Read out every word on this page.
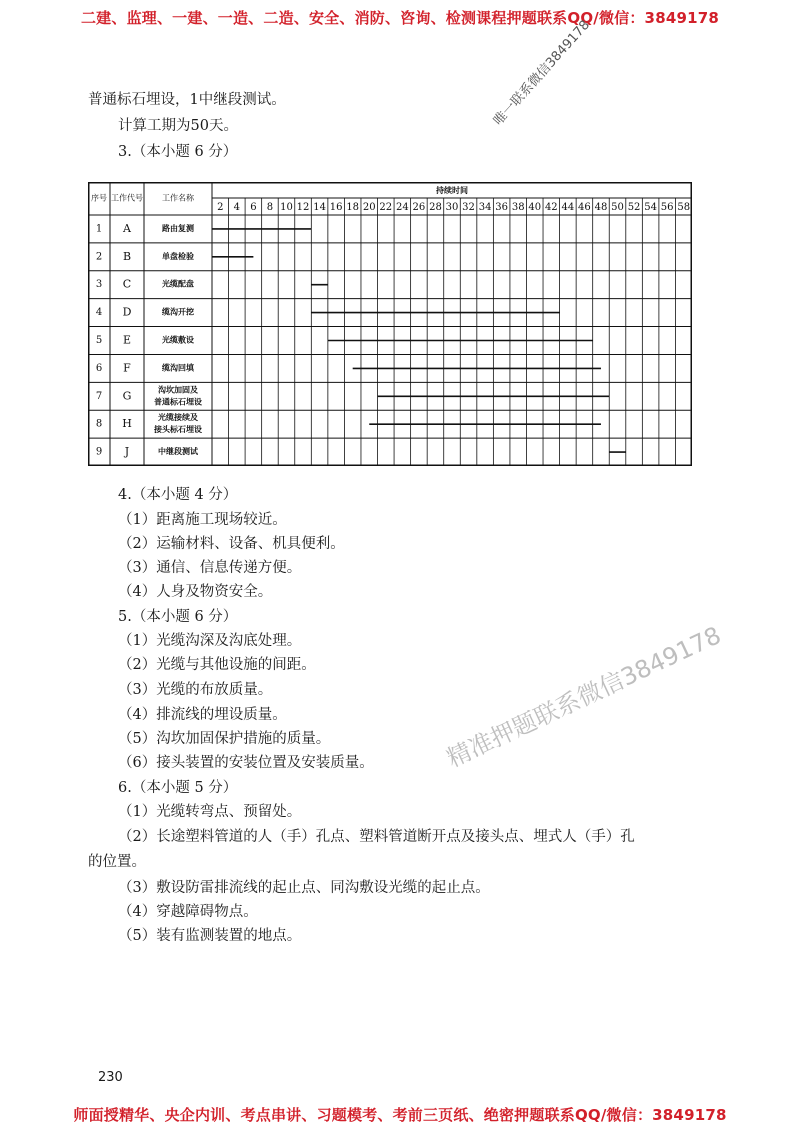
二建、监理、一建、一造、二造、安全、消防、咨询、检测课程押题联系QQ/微信：3849178
普通标石埋设，1中继段测试。
计算工期为50天。
3.（本小题 6 分）
唯一联系微信3849178
序号 工作代号 工作名称
持续时间
2 4 6 8 10 12 14 16 18 20 22 24 26 28 30 32 34 36 38 40 42 44 46 48 50 52 54 56 58
1 A	路由复测
2 B	单盘检验
3 C	光缆配盘
4 D	缆沟开挖
5 E	光缆敷设
6 F	缆沟回填
7 G	沟坎加固及
普通标石埋设
8 H	光缆接续及
接头标石埋设
9 J	中继段测试
4.（本小题 4 分）
（1）距离施工现场较近。
（2）运输材料、设备、机具便利。
（3）通信、信息传递方便。
（4）人身及物资安全。
5.（本小题 6 分）
（1）光缆沟深及沟底处理。
（2）光缆与其他设施的间距。
（3）光缆的布放质量。
（4）排流线的埋设质量。
（5）沟坎加固保护措施的质量。
（6）接头装置的安装位置及安装质量。
6.（本小题 5 分）
（1）光缆转弯点、预留处。
（2）长途塑料管道的人（手）孔点、塑料管道断开点及接头点、埋式人（手）孔
的位置。
（3）敷设防雷排流线的起止点、同沟敷设光缆的起止点。
（4）穿越障碍物点。
（5）装有监测装置的地点。
精准押题联系微信3849178
230
师面授精华、央企内训、考点串讲、习题模考、考前三页纸、绝密押题联系QQ/微信：3849178
